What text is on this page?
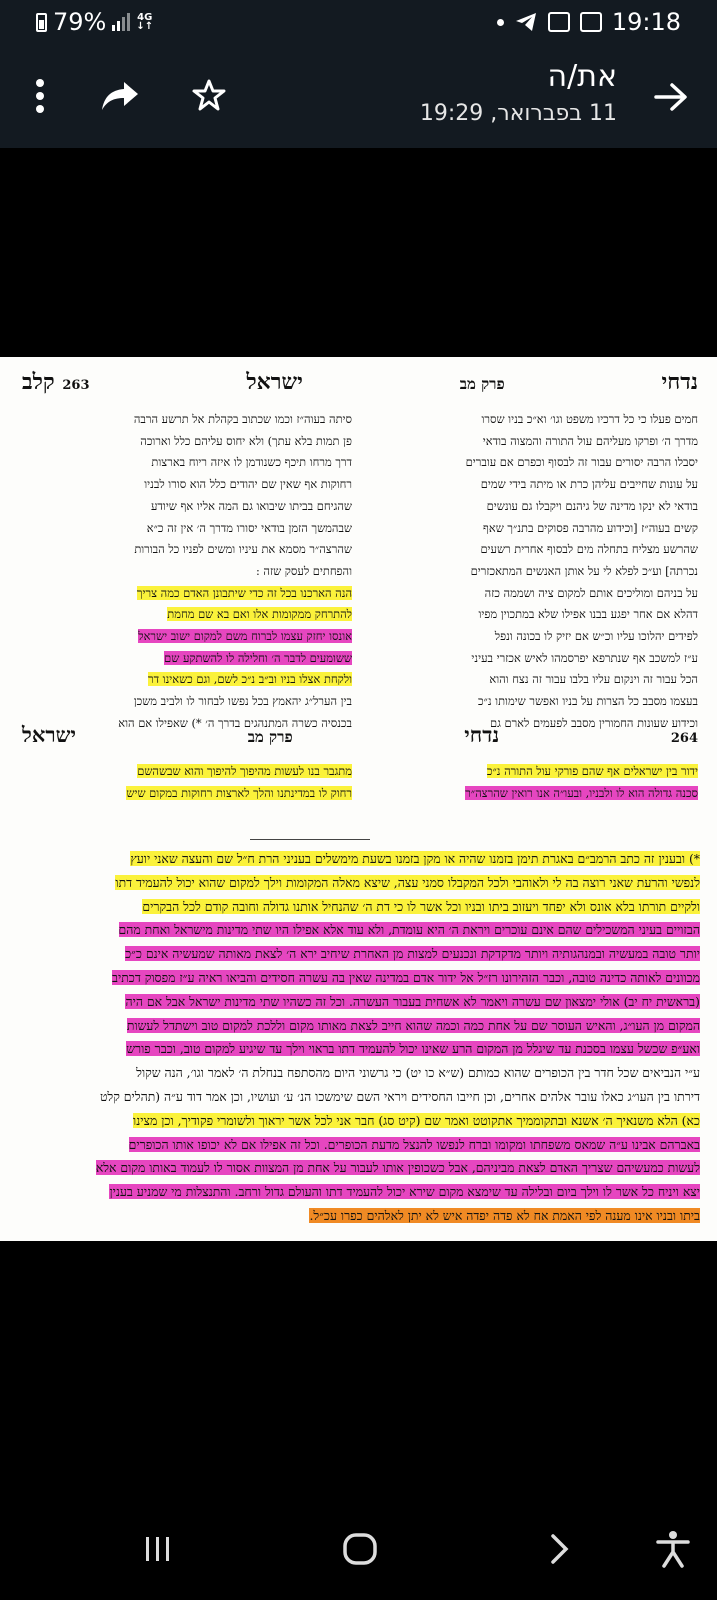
79%	4G
↓↑	19:18
את/ה
11 בפברואר, 19:29
נדחי
פרק מב
ישראל
263 קלב
חמים פעלו כי כל דרכיו משפט וגו׳ וא״כ בניו שסרו
מדרך ה׳ ופרקו מעליהם עול התורה והמצוה בודאי
יסבלו הרבה יסורים עבור זה לבסוף וכפרם אם עוברים
על עונות שחייבים עליהן כרת או מיתה בידי שמים
בודאי לא ינקו מדינה של גיהנם ויקבלו גם עונשים
קשים בעוה״ז [וכידוע מהרבה פסוקים בתנ״ך שאף
שהרשע מצליח בתחלה מים לבסוף אחרית רשעים
נכרתה] וע״כ לפלא לי על אותן האנשים המתאכזרים
על בניהם ומוליכים אותם למקום ציה ושממה כזה
דהלא אם אחר יפגע בבנו אפילו שלא במתכוין מפיו
לפידים יהלוכו עליו וכ״ש אם יזיק לו בכונה ונפל
ע״ז למשכב אף שנתרפא יפרסמהו לאיש אכזרי בעיני
הכל עבור זה וינקום עליו בלבו עבור זה נצח והוא
בעצמו מסבב כל הצרות על בניו ואפשר שימותו נ״כ
וכידוע שעונות החמורין מסבב לפעמים לארם גם
סיתה בעוה״ז וכמו שכתוב בקהלת אל תרשע הרבה
פן תמות בלא עתך) ולא יחוס עליהם כלל וארוכה
דרך מרחו תיכף כשנודמן לו איזה ריוח בארצות
רחוקות אף שאין שם יהודים כלל הוא סורו לבניו
שהגיחם בביתו שיבואו גם המה אליו אף שיודע
שבהמשך הזמן בודאי יסורו מדרך ה׳ אין זה כ״א
שהרצה״ר מסמא את עיניו ומשים לפניו כל הבורות
והפחתים לעסק שזה :
הנה הארכנו בכל זה כדי שיתבונן האדם כמה צריך
להתרחק ממקומות אלו ואם בא שם מחמת
אונסו יחזק עצמו לברוח משם למקום ישוב ישראל
ששומעים לדבר ה׳ וחלילה לו להשתקע שם
ולקחת אצלו בניו וב״ב נ״כ לשם, וגם כשאינו דר
בין הערל״ג יהאמץ בכל נפשו לבחור לו ולביב משכן
בכנסיה כשרה המתנהגים בדרך ה׳ *) שאפילו אם הוא
264
נדחי
פרק מב
ישראל
ידור בין ישראלים אף שהם פורקי עול התורה נ״כ
סכנה גדולה הוא לו ולבניו, ובעו״ה אנו רואין שהרצה״ר
מתגבר בנו לעשות מהיפוך להיפוך והוא שבשהשם
רחוק לו במדינתנו והלך לארצות רחוקות במקום שיש
*) ובענין זה כתב הרמב״ם באגרת תימן בזמנו שהיה או מקן בזמנו בשעת מימשלים בעניני הרת ח״ל שם והעצה שאני יועץ
לנפשי והרעת שאני רוצה בה לי ולאוהבי ולכל המקבלו סמני עצה, שיצא מאלה המקומות וילך למקום שהוא יכול להעמיד דתו
ולקיים תורתו בלא אונס ולא יפחד ויעזוב ביתו ובניו וכל אשר לו כי דת ה׳ שהנחיל אותנו גדולה וחובה קודם לכל הבקרים
הבזויים בעיני המשכילים שהם אינם עוכרים ויראת ה׳ היא עומדת, ולא עוד אלא אפילו היו שתי מדינות מישראל ואחת מהם
יותר טובה במעשיה ובמנהגותיה ויותר מדקדקת ונכנעים למצות מן האחרת שיחיב ירא ה׳ לצאת מאותה שמעשיה אינם כ״כ
מכוונים לאותה כדינה טובה, וכבר הזהירונו רז״ל אל ידור אדם במדינה שאין בה עשרה חסידים והביאו ראיה ע״ז מפסוק דכתיב
(בראשית יח יב) אולי ימצאון שם עשרה ויאמר לא אשחית בעבור העשרה. וכל זה כשהיו שתי מדינות ישראל אבל אם היה
המקום מן העו״ג, והאיש העוסר שם על אחת כמה וכמה שהוא חייב לצאת מאותו מקום וללכת למקום טוב וישתדל לעשות
ואע״פ שכשל עצמו בסכנת עד שיגלל מן המקום הרע שאינו יכול להעמיד דתו בראוי וילך עד שיגיע למקום טוב, וכבר פורש
ע״י הנביאים שכל חדר בין הכופרים שהוא כמותם (ש״א כו יט) כי גרשוני היום מהסתפח בנחלת ה׳ לאמר וגו׳, הנה שקול
דירתו בין העו״ג כאלו עובר אלהים אחרים, וכן חייבו החסידים ויראי השם שימשכו הנ׳ ע׳ ועושיו, וכן אמר דוד ע״ה (תהלים קלט
כא) הלא משנאיך ה׳ אשנא ובתקוממיך אתקוטט ואמר שם (קיט סג) חבר אני לכל אשר יראוך ולשומרי פקודיך, וכן מצינו
באברהם אבינו ע״ה שמאס משפחתו ומקומו וברח לנפשו להנצל מדעת הכופרים. וכל זה אפילו אם לא יכופו אותו הכופרים
לעשות כמעשיהם שצריך האדם לצאת מביניהם, אבל כשכופין אותו לעבור על אחת מן המצוות אסור לו לעמוד באותו מקום אלא
יצא ויניח כל אשר לו וילך ביום ובלילה עד שימצא מקום שירא יכול להעמיד דתו והעולם גדול ורחב. והתנצלות מי שמניע בענין
ביתו ובניו אינו מענה לפי האמת אח לא פדה יפדה איש לא יתן לאלהים כפרו עכ״ל.
